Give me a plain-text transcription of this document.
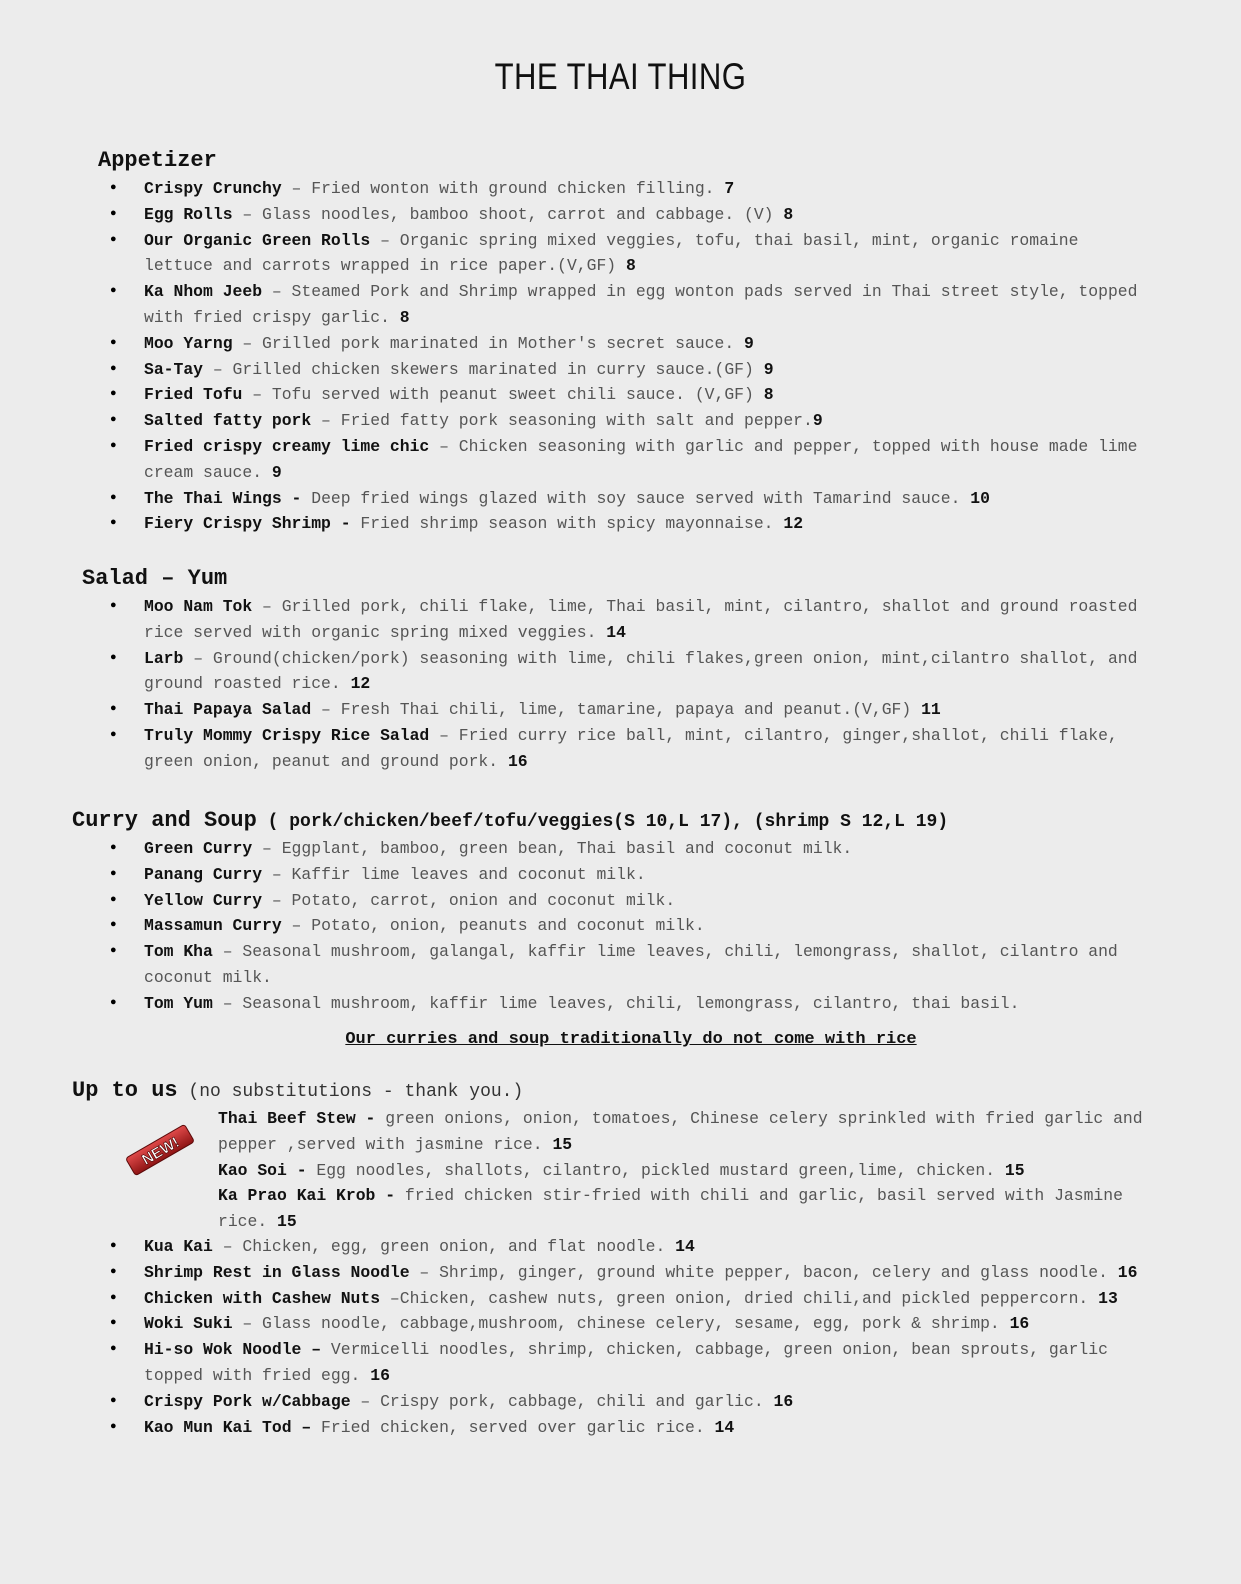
THE THAI THING
Appetizer
● Crispy Crunchy – Fried wonton with ground chicken filling. 7
● Egg Rolls – Glass noodles, bamboo shoot, carrot and cabbage. (V) 8
● Our Organic Green Rolls – Organic spring mixed veggies, tofu, thai basil, mint, organic romaine lettuce and carrots wrapped in rice paper.(V,GF) 8
● Ka Nhom Jeeb – Steamed Pork and Shrimp wrapped in egg wonton pads served in Thai street style, topped with fried crispy garlic. 8
● Moo Yarng – Grilled pork marinated in Mother's secret sauce. 9
● Sa-Tay – Grilled chicken skewers marinated in curry sauce.(GF) 9
● Fried Tofu – Tofu served with peanut sweet chili sauce. (V,GF) 8
● Salted fatty pork – Fried fatty pork seasoning with salt and pepper.9
● Fried crispy creamy lime chic – Chicken seasoning with garlic and pepper, topped with house made lime cream sauce. 9
● The Thai Wings - Deep fried wings glazed with soy sauce served with Tamarind sauce. 10
● Fiery Crispy Shrimp - Fried shrimp season with spicy mayonnaise. 12
Salad – Yum
● Moo Nam Tok – Grilled pork, chili flake, lime, Thai basil, mint, cilantro, shallot and ground roasted rice served with organic spring mixed veggies. 14
● Larb – Ground(chicken/pork) seasoning with lime, chili flakes,green onion, mint,cilantro shallot, and ground roasted rice. 12
● Thai Papaya Salad – Fresh Thai chili, lime, tamarine, papaya and peanut.(V,GF) 11
● Truly Mommy Crispy Rice Salad – Fried curry rice ball, mint, cilantro, ginger,shallot, chili flake, green onion, peanut and ground pork. 16
Curry and Soup ( pork/chicken/beef/tofu/veggies(S 10,L 17), (shrimp S 12,L 19)
● Green Curry – Eggplant, bamboo, green bean, Thai basil and coconut milk.
● Panang Curry – Kaffir lime leaves and coconut milk.
● Yellow Curry – Potato, carrot, onion and coconut milk.
● Massamun Curry – Potato, onion, peanuts and coconut milk.
● Tom Kha – Seasonal mushroom, galangal, kaffir lime leaves, chili, lemongrass, shallot, cilantro and coconut milk.
● Tom Yum – Seasonal mushroom, kaffir lime leaves, chili, lemongrass, cilantro, thai basil.
Our curries and soup traditionally do not come with rice
Up to us (no substitutions - thank you.)
NEW!
Thai Beef Stew - green onions, onion, tomatoes, Chinese celery sprinkled with fried garlic and pepper ,served with jasmine rice. 15
Kao Soi - Egg noodles, shallots, cilantro, pickled mustard green,lime, chicken. 15
Ka Prao Kai Krob - fried chicken stir-fried with chili and garlic, basil served with Jasmine rice. 15
● Kua Kai – Chicken, egg, green onion, and flat noodle. 14
● Shrimp Rest in Glass Noodle – Shrimp, ginger, ground white pepper, bacon, celery and glass noodle. 16
● Chicken with Cashew Nuts –Chicken, cashew nuts, green onion, dried chili,and pickled peppercorn. 13
● Woki Suki – Glass noodle, cabbage,mushroom, chinese celery, sesame, egg, pork & shrimp. 16
● Hi-so Wok Noodle – Vermicelli noodles, shrimp, chicken, cabbage, green onion, bean sprouts, garlic topped with fried egg. 16
● Crispy Pork w/Cabbage – Crispy pork, cabbage, chili and garlic. 16
● Kao Mun Kai Tod – Fried chicken, served over garlic rice. 14
